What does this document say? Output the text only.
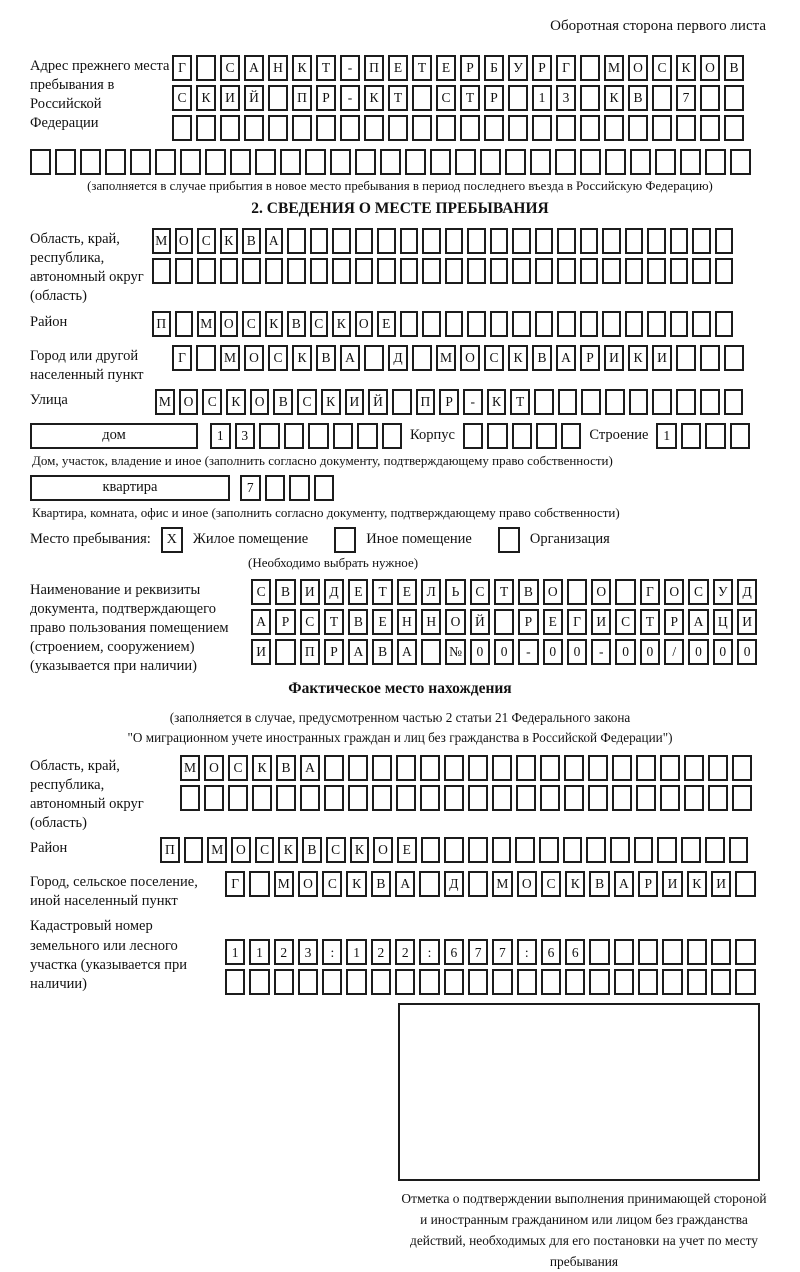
Оборотная сторона первого листа
Адрес прежнего места пребывания в Российской Федерации
Г	С	А	Н	К	Т	-	П	Е	Т	Е	Р	Б	У	Р	Г	М О	С	К	О	В
С	К	И	Й	П	Р	-	К	Т	С	Т	Р	1	3	К	В	7
(заполняется в случае прибытия в новое место пребывания в период последнего въезда в Российскую Федерацию)
2. СВЕДЕНИЯ О МЕСТЕ ПРЕБЫВАНИЯ
Область, край, республика, автономный округ (область)
М О С К В А
Район	П	М О С К В С К О	Е
Город или другой населенный пункт
Г	М О	С	К	В	А	Д	М О	С	К	В	А	Р	И	К	И
Улица	М О	С	К	О	В	С	К	И	Й	П	Р	-	К	Т
дом	1	3	Корпус	Строение	1
Дом, участок, владение и иное (заполнить согласно документу, подтверждающему право собственности)
квартира	7
Квартира, комната, офис и иное (заполнить согласно документу, подтверждающему право собственности)
Место пребывания:	X	Жилое помещение	Иное помещение	Организация
(Необходимо выбрать нужное)
Наименование и реквизиты документа, подтверждающего право пользования помещением (строением, сооружением) (указывается при наличии)
С	В	И	Д	Е	Т	Е	Л	Ь	С	Т	В	О	О	Г	О	С	У	Д
А	Р	С	Т	В	Е	Н	Н	О	Й	Р	Е	Г	И	С	Т	Р	А	Ц	И
И	П	Р	А	В	А	№	0	0	-	0	0	-	0	0	/	0	0	0
Фактическое место нахождения
(заполняется в случае, предусмотренном частью 2 статьи 21 Федерального закона
"О миграционном учете иностранных граждан и лиц без гражданства в Российской Федерации")
Область, край, республика, автономный округ (область)
М О	С	К	В	А
Район	П	М О	С	К	В	С	К	О	Е
Город, сельское поселение, иной населенный пункт
Г	М О	С	К	В	А	Д	М О	С	К	В	А	Р	И	К	И
Кадастровый номер земельного или лесного участка (указывается при наличии)
1	1	2	3	:	1	2	2	:	6	7	7	:	6	6
Отметка о подтверждении выполнения принимающей стороной и иностранным гражданином или лицом без гражданства действий, необходимых для его постановки на учет по месту пребывания
